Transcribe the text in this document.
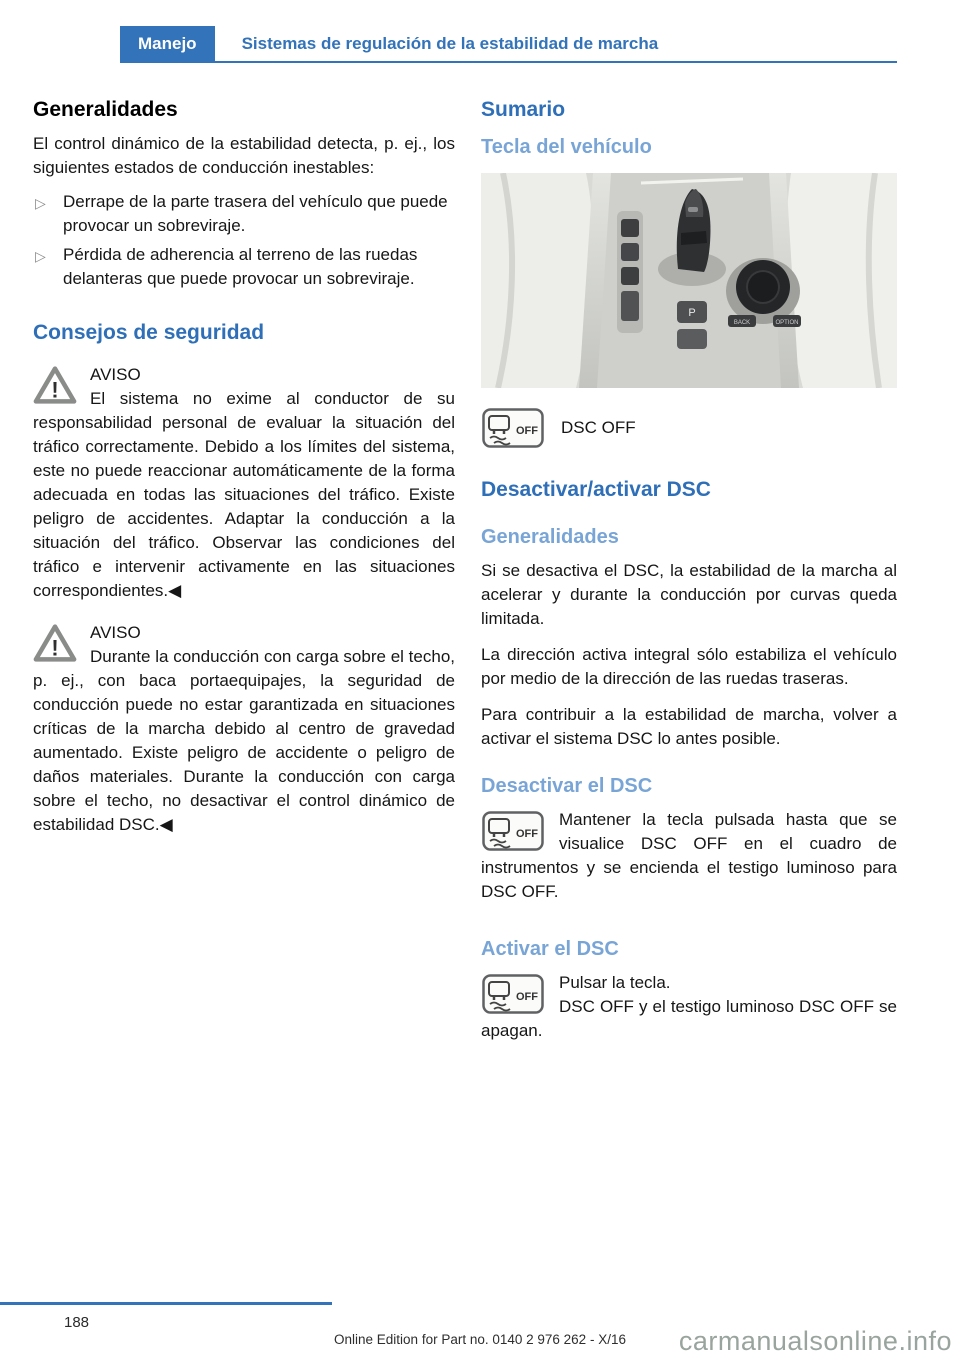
Manejo	Sistemas de regulación de la estabilidad de marcha
Generalidades

El control dinámico de la estabilidad detecta, p. ej., los siguientes estados de conducción inestables:

▷ Derrape de la parte trasera del vehículo que puede provocar un sobreviraje.
▷ Pérdida de adherencia al terreno de las ruedas delanteras que puede provocar un sobreviraje.
Consejos de seguridad
!

AVISO

El sistema no exime al conductor de su responsabilidad personal de evaluar la situación del tráfico correctamente. Debido a los límites del sistema, este no puede reaccionar automáticamente de la forma adecuada en todas las situaciones del tráfico. Existe peligro de accidentes. Adaptar la conducción a la situación del tráfico. Observar las condiciones del tráfico e intervenir activamente en las situaciones correspondientes.◀

!

AVISO

Durante la conducción con carga sobre el techo, p. ej., con baca portaequipajes, la seguridad de conducción puede no estar garantizada en situaciones críticas de la marcha debido al centro de gravedad aumentado. Existe peligro de accidente o peligro de daños materiales. Durante la conducción con carga sobre el techo, no desactivar el control dinámico de estabilidad DSC.◀

Sumario
Tecla del vehículo
P
BACK	OPTION
OFF DSC OFF
Desactivar/activar DSC
Generalidades

Si se desactiva el DSC, la estabilidad de la marcha al acelerar y durante la conducción por curvas queda limitada.

La dirección activa integral sólo estabiliza el vehículo por medio de la dirección de las ruedas traseras.

Para contribuir a la estabilidad de marcha, volver a activar el sistema DSC lo antes posible.

Desactivar el DSC
OFF

Mantener la tecla pulsada hasta que se visualice DSC OFF en el cuadro de instrumentos y se encienda el testigo luminoso para DSC OFF.

Activar el DSC
OFF

Pulsar la tecla.

DSC OFF y el testigo luminoso DSC OFF se apagan.

188
Online Edition for Part no. 0140 2 976 262 - X/16	carmanualsonline.info
